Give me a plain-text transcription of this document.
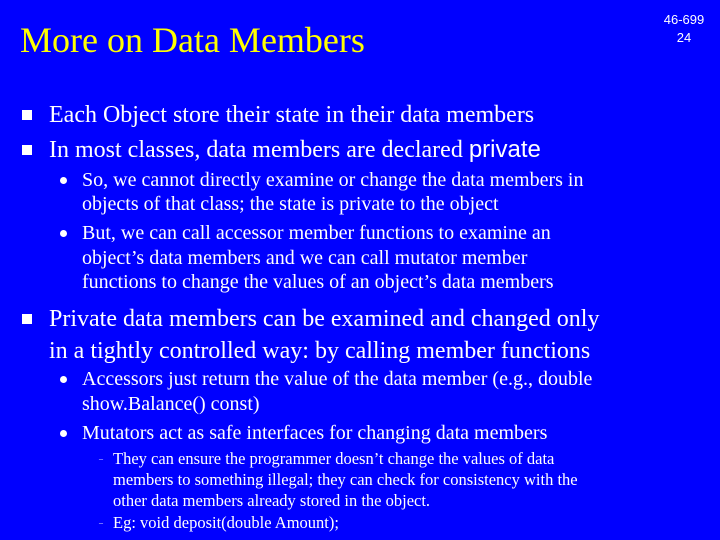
More on Data Members
46-699
24
Each Object store their state in their data members
In most classes, data members are declared private
So, we cannot directly examine or change the data members in
objects of that class; the state is private to the object
But, we can call accessor member functions to examine an
object’s data members and we can call mutator member
functions to change the values of an object’s data members
Private data members can be examined and changed only
in a tightly controlled way: by calling member functions
Accessors just return the value of the data member (e.g., double
show.Balance() const)
Mutators act as safe interfaces for changing data members
– They can ensure the programmer doesn’t change the values of data
members to something illegal; they can check for consistency with the
other data members already stored in the object.
– Eg: void deposit(double Amount);
